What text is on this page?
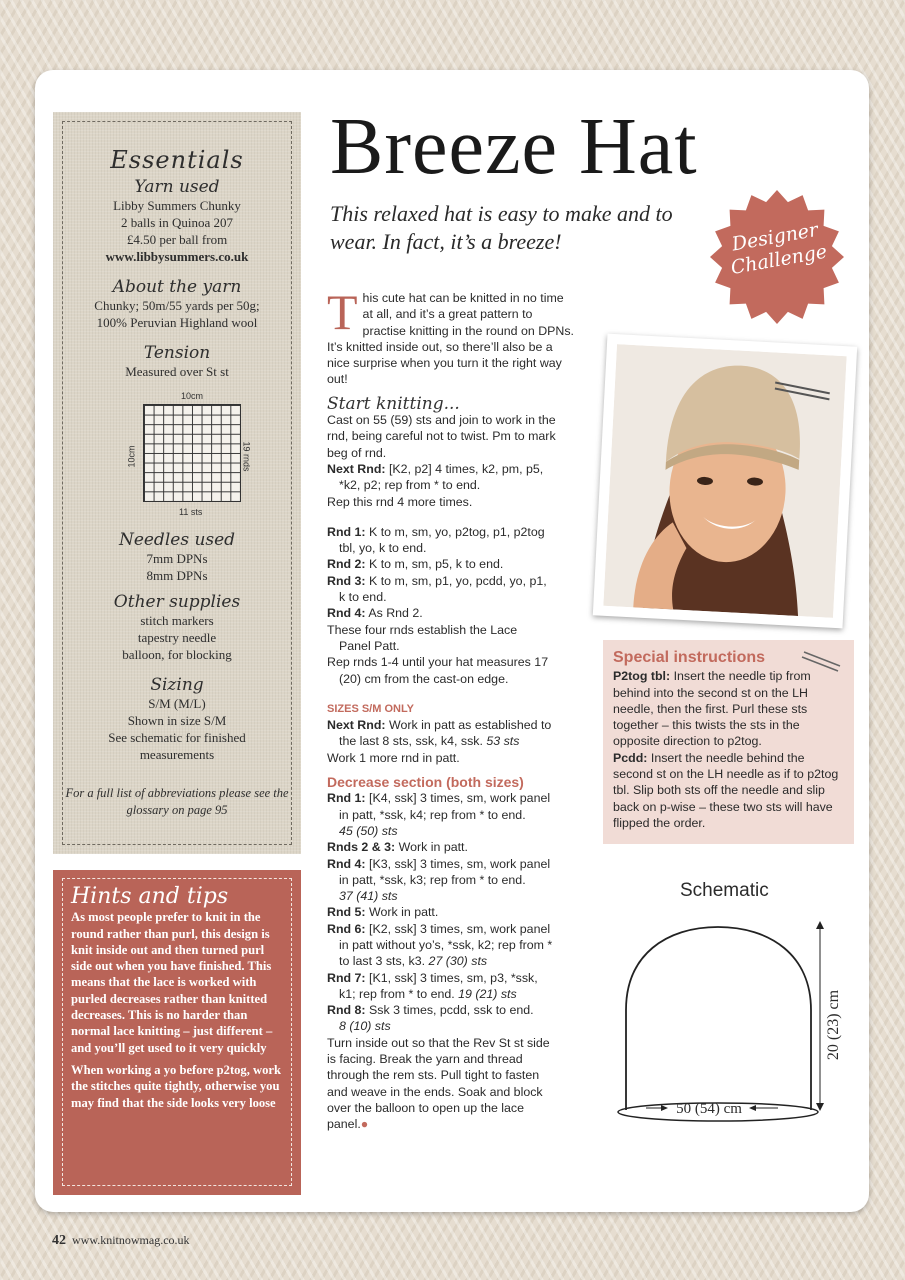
Essentials
Yarn used

Libby Summers Chunky

2 balls in Quinoa 207

£4.50 per ball from

www.libbysummers.co.uk

About the yarn

Chunky; 50m/55 yards per 50g;

100% Peruvian Highland wool

Tension

Measured over St st

10cm
10cm	19 rnds
11 sts
Needles used

7mm DPNs

8mm DPNs

Other supplies

stitch markers

tapestry needle

balloon, for blocking

Sizing

S/M (M/L)

Shown in size S/M

See schematic for finished

measurements

For a full list of abbreviations please see the glossary on page 95

Hints and tips

As most people prefer to knit in the round rather than purl, this design is knit inside out and then turned purl side out when you have finished. This means that the lace is worked with purled decreases rather than knitted decreases. This is no harder than normal lace knitting – just different – and you’ll get used to it very quickly

When working a yo before p2tog, work the stitches quite tightly, otherwise you may find that the side looks very loose

Breeze Hat

This relaxed hat is easy to make and to wear. In fact, it’s a breeze!	Designer Challenge

This cute hat can be knitted in no time at all, and it’s a great pattern to practise knitting in the round on DPNs. It’s knitted inside out, so there’ll also be a nice surprise when you turn it the right way out!

Start knitting...

Cast on 55 (59) sts and join to work in the rnd, being careful not to twist. Pm to mark beg of rnd.

Next Rnd: [K2, p2] 4 times, k2, pm, p5,

*k2, p2; rep from * to end.

Rep this rnd 4 more times.

Rnd 1: K to m, sm, yo, p2tog, p1, p2tog

tbl, yo, k to end.

Rnd 2: K to m, sm, p5, k to end.

Rnd 3: K to m, sm, p1, yo, pcdd, yo, p1,

k to end.

Rnd 4: As Rnd 2.

These four rnds establish the Lace

Panel Patt.

Rep rnds 1-4 until your hat measures 17

(20) cm from the cast-on edge.

SIZES S/M ONLY

Next Rnd: Work in patt as established to

the last 8 sts, ssk, k4, ssk. 53 sts

Work 1 more rnd in patt.

Decrease section (both sizes)

Rnd 1: [K4, ssk] 3 times, sm, work panel

in patt, *ssk, k4; rep from * to end.

45 (50) sts

Rnds 2 & 3: Work in patt.

Rnd 4: [K3, ssk] 3 times, sm, work panel

in patt, *ssk, k3; rep from * to end.

37 (41) sts

Rnd 5: Work in patt.

Rnd 6: [K2, ssk] 3 times, sm, work panel

in patt without yo’s, *ssk, k2; rep from *

to last 3 sts, k3. 27 (30) sts

Rnd 7: [K1, ssk] 3 times, sm, p3, *ssk,

k1; rep from * to end. 19 (21) sts

Rnd 8: Ssk 3 times, pcdd, ssk to end.

8 (10) sts

Turn inside out so that the Rev St st side is facing. Break the yarn and thread through the rem sts. Pull tight to fasten and weave in the ends. Soak and block over the balloon to open up the lace panel.●

Special instructions

P2tog tbl: Insert the needle tip from behind into the second st on the LH needle, then the first. Purl these sts together – this twists the sts in the opposite direction to p2tog.

Pcdd: Insert the needle behind the second st on the LH needle as if to p2tog tbl. Slip both sts off the needle and slip back on p-wise – these two sts will have flipped the order.

Schematic

20 (23) cm
50 (54) cm
42 www.knitnowmag.co.uk
